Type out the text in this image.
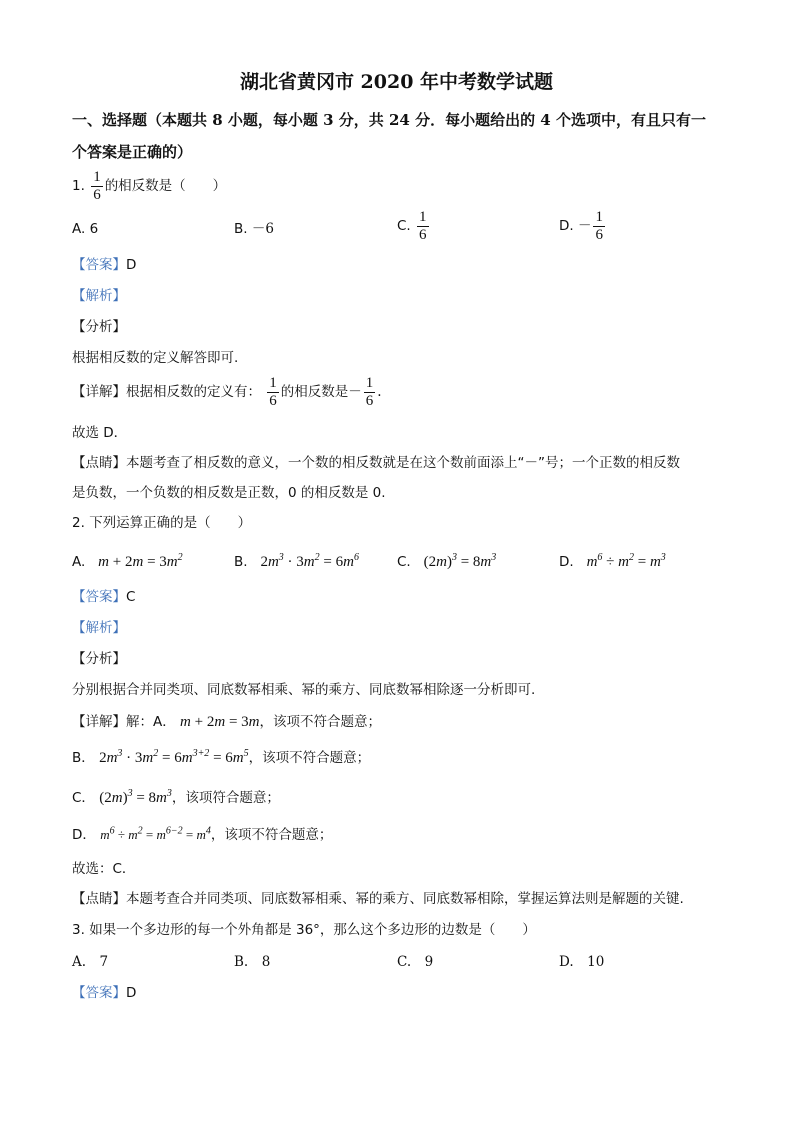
湖北省黄冈市 2020 年中考数学试题
一、选择题（本题共 8 小题，每小题 3 分，共 24 分．每小题给出的 4 个选项中，有且只有一
个答案是正确的）
1. $\frac{1}{6}$ 的相反数是（　　）
A. 6	B. －6	C. $\frac{1}{6}$	D. － $\frac{1}{6}$
【答案】D
【解析】
【分析】
根据相反数的定义解答即可.
【详解】根据相反数的定义有： $\frac{1}{6}$ 的相反数是－ $\frac{1}{6}$ .
故选 D．
【点睛】本题考查了相反数的意义，一个数的相反数就是在这个数前面添上“－”号；一个正数的相反数
是负数，一个负数的相反数是正数，0 的相反数是 0.
2. 下列运算正确的是（　　）
A. $m + 2m = 3m^2$	B. $2m^3 \cdot 3m^2 = 6m^6$	C. $(2m)^3 = 8m^3$	D. $m^6 \div m^2 = m^3$
【答案】C
【解析】
【分析】
分别根据合并同类项、同底数幂相乘、幂的乘方、同底数幂相除逐一分析即可.
【详解】解：A． m + 2m = 3m，该项不符合题意；
B． $2m^3 \cdot 3m^2 = 6m^{3+2} = 6m^5$，该项不符合题意；
C． $(2m)^3 = 8m^3$，该项符合题意；
D． $m^6 \div m^2 = m^{6-2} = m^4$，该项不符合题意；
故选：C．
【点睛】本题考查合并同类项、同底数幂相乘、幂的乘方、同底数幂相除，掌握运算法则是解题的关键.
3. 如果一个多边形的每一个外角都是 36°，那么这个多边形的边数是（　　）
A.　7	B.　8	C.　9	D.　10
【答案】D
